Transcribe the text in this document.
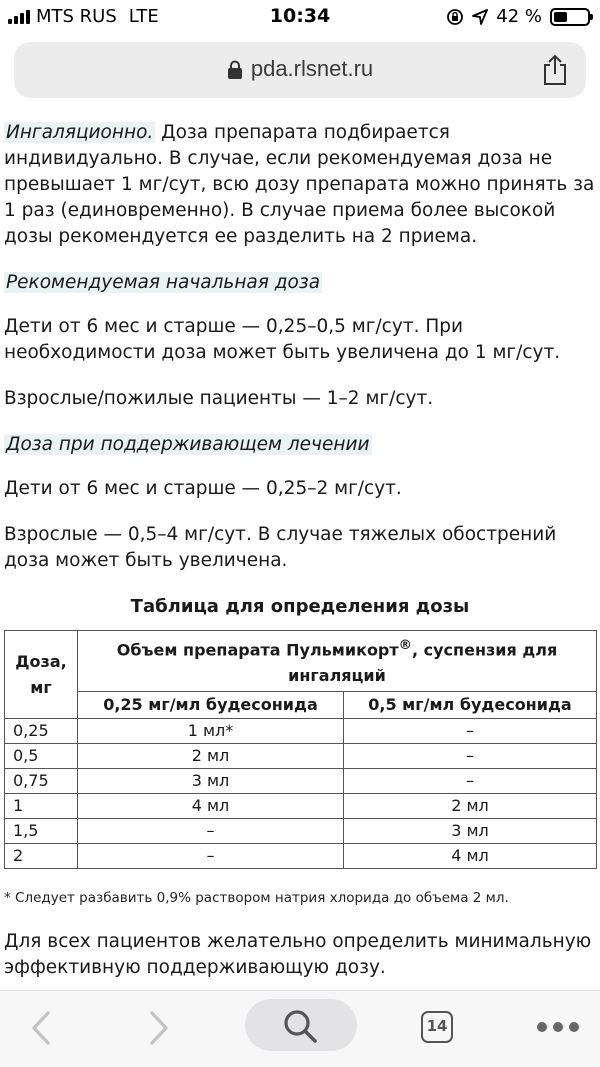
MTS RUS LTE	10:34	42 %
pda.rlsnet.ru

Ингаляционно. Доза препарата подбирается индивидуально. В случае, если рекомендуемая доза не превышает 1 мг/сут, всю дозу препарата можно принять за 1 раз (единовременно). В случае приема более высокой дозы рекомендуется ее разделить на 2 приема.

Рекомендуемая начальная доза

Дети от 6 мес и старше — 0,25–0,5 мг/сут. При необходимости доза может быть увеличена до 1 мг/сут.

Взрослые/пожилые пациенты — 1–2 мг/сут.

Доза при поддерживающем лечении

Дети от 6 мес и старше — 0,25–2 мг/сут.

Взрослые — 0,5–4 мг/сут. В случае тяжелых обострений доза может быть увеличена.

Таблица для определения дозы
Доза, мг	Объем препарата Пульмикорт®, суспензия для ингаляций	
	0,25 мг/мл будесонида	0,5 мг/мл будесонида
0,25	1 мл*	–
0,5	2 мл	–
0,75	3 мл	–
1	4 мл	2 мл
1,5	–	3 мл
2	–	4 мл
* Следует разбавить 0,9% раствором натрия хлорида до объема 2 мл.

Для всех пациентов желательно определить минимальную эффективную поддерживающую дозу.

14
